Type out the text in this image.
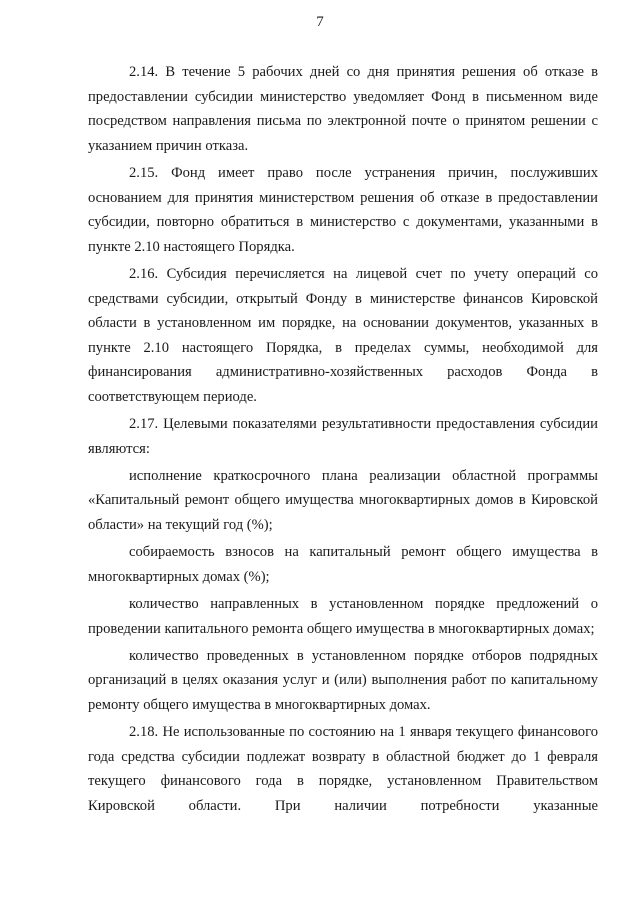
7

2.14. В течение 5 рабочих дней со дня принятия решения об отказе в предоставлении субсидии министерство уведомляет Фонд в письменном виде посредством направления письма по электронной почте о принятом решении с указанием причин отказа.

2.15. Фонд имеет право после устранения причин, послуживших основанием для принятия министерством решения об отказе в предоставлении субсидии, повторно обратиться в министерство с документами, указанными в пункте 2.10 настоящего Порядка.

2.16. Субсидия перечисляется на лицевой счет по учету операций со средствами субсидии, открытый Фонду в министерстве финансов Кировской области в установленном им порядке, на основании документов, указанных в пункте 2.10 настоящего Порядка, в пределах суммы, необходимой для финансирования административно-хозяйственных расходов Фонда в соответствующем периоде.

2.17. Целевыми показателями результативности предоставления субсидии являются:

исполнение краткосрочного плана реализации областной программы «Капитальный ремонт общего имущества многоквартирных домов в Кировской области» на текущий год (%);

собираемость взносов на капитальный ремонт общего имущества в многоквартирных домах (%);

количество направленных в установленном порядке предложений о проведении капитального ремонта общего имущества в многоквартирных домах;

количество проведенных в установленном порядке отборов подрядных организаций в целях оказания услуг и (или) выполнения работ по капитальному ремонту общего имущества в многоквартирных домах.

2.18. Не использованные по состоянию на 1 января текущего финансового года средства субсидии подлежат возврату в областной бюджет до 1 февраля текущего финансового года в порядке, установленном Правительством Кировской области. При наличии потребности указанные
